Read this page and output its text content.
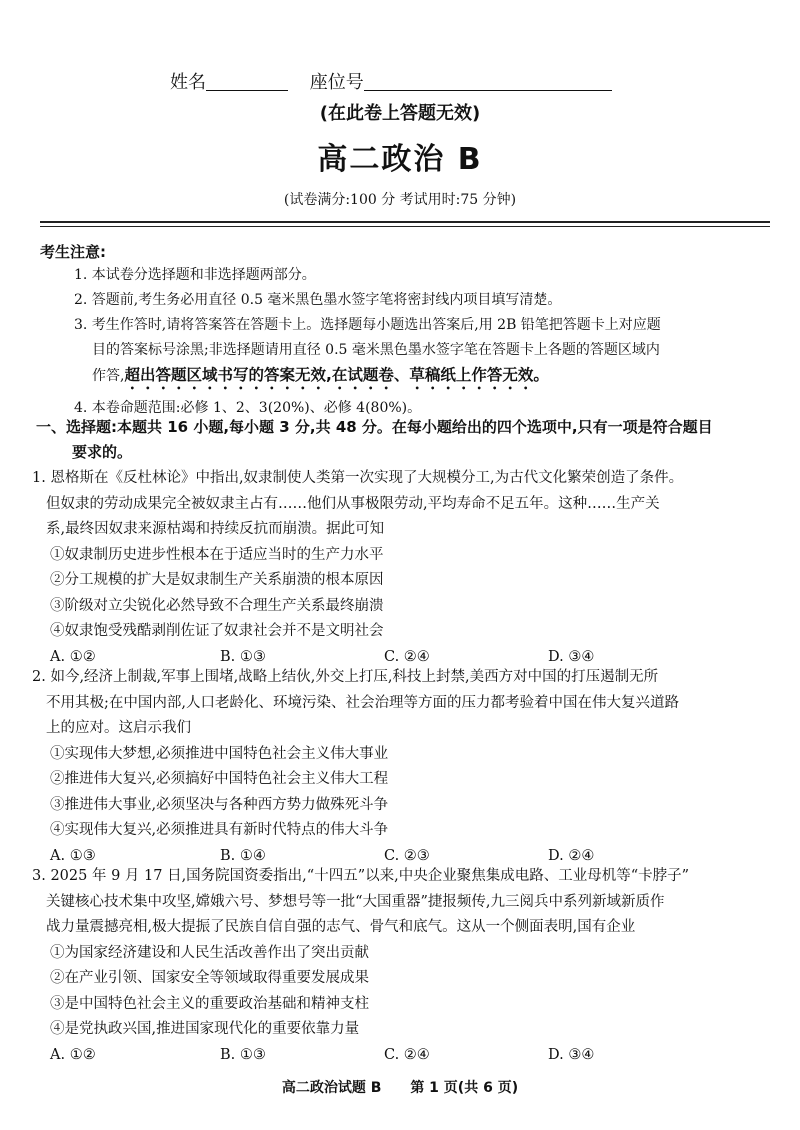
姓名	座位号
(在此卷上答题无效)
高二政治 B
(试卷满分:100 分 考试用时:75 分钟)
考生注意:
1. 本试卷分选择题和非选择题两部分。
2. 答题前,考生务必用直径 0.5 毫米黑色墨水签字笔将密封线内项目填写清楚。
3. 考生作答时,请将答案答在答题卡上。选择题每小题选出答案后,用 2B 铅笔把答题卡上对应题
目的答案标号涂黑;非选择题请用直径 0.5 毫米黑色墨水签字笔在答题卡上各题的答题区域内
作答,超出答题区域书写的答案无效,在试题卷、草稿纸上作答无效。
4. 本卷命题范围:必修 1、2、3(20%)、必修 4(80%)。
一、选择题:本题共 16 小题,每小题 3 分,共 48 分。在每小题给出的四个选项中,只有一项是符合题目
要求的。
1. 恩格斯在《反杜林论》中指出,奴隶制使人类第一次实现了大规模分工,为古代文化繁荣创造了条件。
但奴隶的劳动成果完全被奴隶主占有……他们从事极限劳动,平均寿命不足五年。这种……生产关
系,最终因奴隶来源枯竭和持续反抗而崩溃。据此可知
①奴隶制历史进步性根本在于适应当时的生产力水平
②分工规模的扩大是奴隶制生产关系崩溃的根本原因
③阶级对立尖锐化必然导致不合理生产关系最终崩溃
④奴隶饱受残酷剥削佐证了奴隶社会并不是文明社会
A. ①②	B. ①③	C. ②④	D. ③④
2. 如今,经济上制裁,军事上围堵,战略上结伙,外交上打压,科技上封禁,美西方对中国的打压遏制无所
不用其极;在中国内部,人口老龄化、环境污染、社会治理等方面的压力都考验着中国在伟大复兴道路
上的应对。这启示我们
①实现伟大梦想,必须推进中国特色社会主义伟大事业
②推进伟大复兴,必须搞好中国特色社会主义伟大工程
③推进伟大事业,必须坚决与各种西方势力做殊死斗争
④实现伟大复兴,必须推进具有新时代特点的伟大斗争
A. ①③	B. ①④	C. ②③	D. ②④
3. 2025 年 9 月 17 日,国务院国资委指出,“十四五”以来,中央企业聚焦集成电路、工业母机等“卡脖子”
关键核心技术集中攻坚,嫦娥六号、梦想号等一批“大国重器”捷报频传,九三阅兵中系列新域新质作
战力量震撼亮相,极大提振了民族自信自强的志气、骨气和底气。这从一个侧面表明,国有企业
①为国家经济建设和人民生活改善作出了突出贡献
②在产业引领、国家安全等领域取得重要发展成果
③是中国特色社会主义的重要政治基础和精神支柱
④是党执政兴国,推进国家现代化的重要依靠力量
A. ①②	B. ①③	C. ②④	D. ③④
高二政治试题 B 第 1 页(共 6 页)
